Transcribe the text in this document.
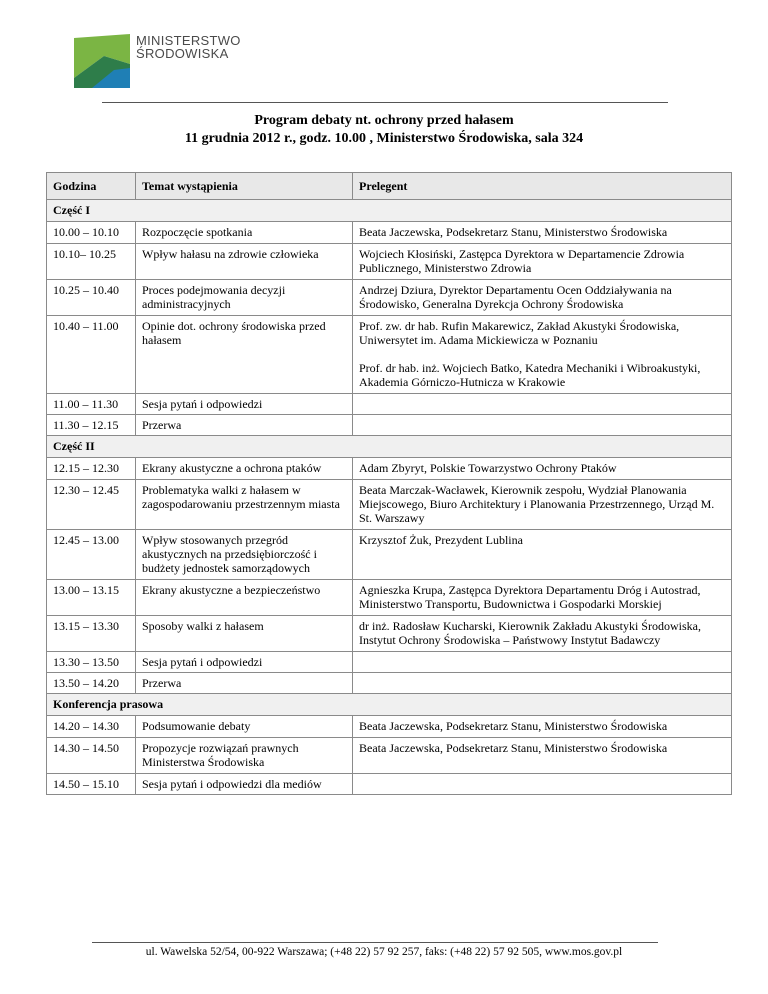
MINISTERSTWO
ŚRODOWISKA
Program debaty nt. ochrony przed hałasem
11 grudnia 2012 r., godz. 10.00 , Ministerstwo Środowiska, sala 324
Godzina	Temat wystąpienia	Prelegent
Część I		
10.00 – 10.10	Rozpoczęcie spotkania	Beata Jaczewska, Podsekretarz Stanu, Ministerstwo Środowiska

10.10– 10.25	Wpływ hałasu na zdrowie człowieka	Wojciech Kłosiński, Zastępca Dyrektora w Departamencie Zdrowia Publicznego, Ministerstwo Zdrowia

10.25 – 10.40	Proces podejmowania decyzji administracyjnych	Andrzej Dziura, Dyrektor Departamentu Ocen Oddziaływania na Środowisko, Generalna Dyrekcja Ochrony Środowiska

10.40 – 11.00	Opinie dot. ochrony środowiska przed hałasem	Prof. zw. dr hab. Rufin Makarewicz, Zakład Akustyki Środowiska, Uniwersytet im. Adama Mickiewicza w Poznaniu

Prof. dr hab. inż. Wojciech Batko, Katedra Mechaniki i Wibroakustyki, Akademia Górniczo-Hutnicza w Krakowie

11.00 – 11.30	Sesja pytań i odpowiedzi	
11.30 – 12.15	Przerwa	
Część II		
12.15 – 12.30	Ekrany akustyczne a ochrona ptaków	Adam Zbyryt, Polskie Towarzystwo Ochrony Ptaków

12.30 – 12.45	Problematyka walki z hałasem w zagospodarowaniu przestrzennym miasta	Beata Marczak-Wacławek, Kierownik zespołu, Wydział Planowania Miejscowego, Biuro Architektury i Planowania Przestrzennego, Urząd M. St. Warszawy

12.45 – 13.00	Wpływ stosowanych przegród akustycznych na przedsiębiorczość i budżety jednostek samorządowych	Krzysztof Żuk, Prezydent Lublina

13.00 – 13.15	Ekrany akustyczne a bezpieczeństwo	Agnieszka Krupa, Zastępca Dyrektora Departamentu Dróg i Autostrad, Ministerstwo Transportu, Budownictwa i Gospodarki Morskiej

13.15 – 13.30	Sposoby walki z hałasem	dr inż. Radosław Kucharski, Kierownik Zakładu Akustyki Środowiska, Instytut Ochrony Środowiska – Państwowy Instytut Badawczy

13.30 – 13.50	Sesja pytań i odpowiedzi	
13.50 – 14.20	Przerwa	
Konferencja prasowa		
14.20 – 14.30	Podsumowanie debaty	Beata Jaczewska, Podsekretarz Stanu, Ministerstwo Środowiska

14.30 – 14.50	Propozycje rozwiązań prawnych Ministerstwa Środowiska	Beata Jaczewska, Podsekretarz Stanu, Ministerstwo Środowiska

14.50 – 15.10	Sesja pytań i odpowiedzi dla mediów	
ul. Wawelska 52/54, 00-922 Warszawa; (+48 22) 57 92 257, faks: (+48 22) 57 92 505, www.mos.gov.pl
